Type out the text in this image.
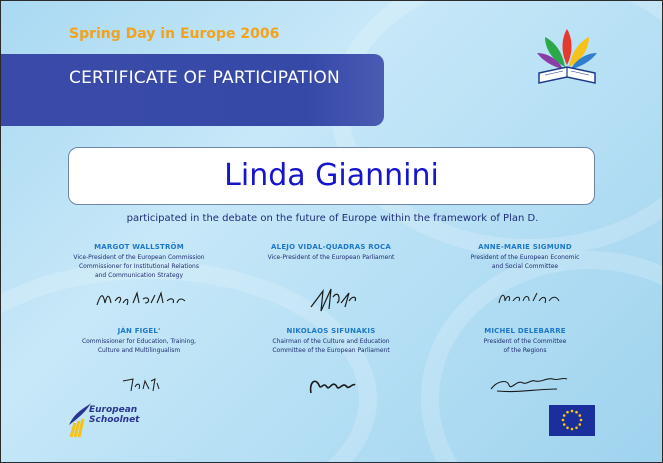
Spring Day in Europe 2006

CERTIFICATE OF PARTICIPATION

Linda Giannini
participated in the debate on the future of Europe within the framework of Plan D.
MARGOT WALLSTRÖM
Vice-President of the European Commission
Commissioner for Institutional Relations
and Communication Strategy
ALEJO VIDAL-QUADRAS ROCA
Vice-President of the European Parliament
ANNE-MARIE SIGMUND
President of the European Economic
and Social Committee
JÁN FIGEL'
Commissioner for Education, Training,
Culture and Multilingualism
NIKOLAOS SIFUNAKIS
Chairman of the Culture and Education
Committee of the European Parliament
MICHEL DELEBARRE
President of the Committee
of the Regions
European
Schoolnet
